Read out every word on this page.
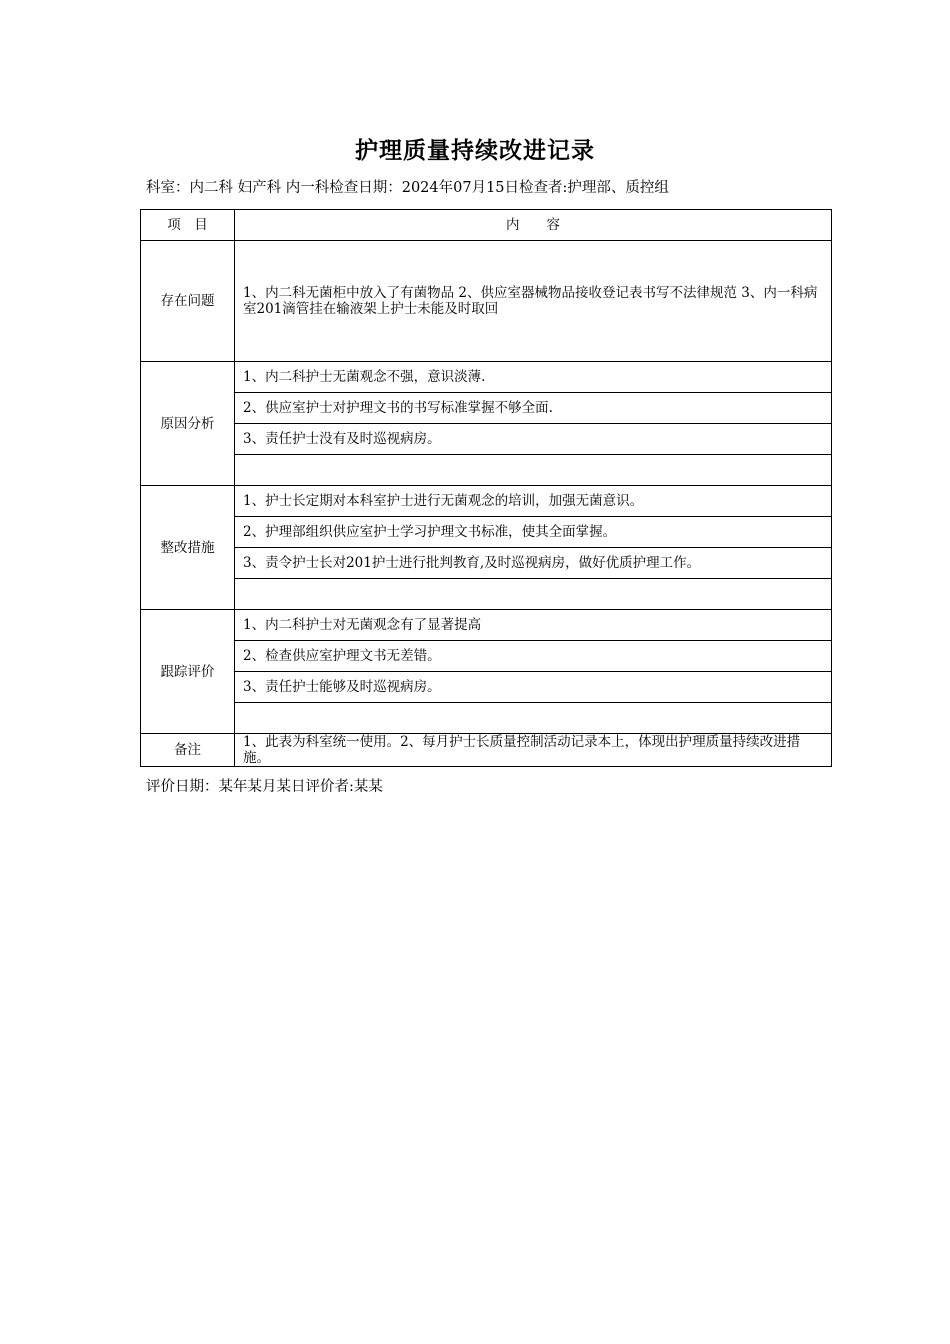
护理质量持续改进记录
科室：内二科 妇产科 内一科检查日期：2024年07月15日检查者:护理部、质控组
项　目	内　　容
存在问题	1、内二科无菌柜中放入了有菌物品 2、供应室器械物品接收登记表书写不法律规范 3、内一科病室201滴管挂在输液架上护士未能及时取回
原因分析	1、内二科护士无菌观念不强，意识淡薄.
	2、供应室护士对护理文书的书写标准掌握不够全面.
	3、责任护士没有及时巡视病房。

整改措施	1、护士长定期对本科室护士进行无菌观念的培训，加强无菌意识。
	2、护理部组织供应室护士学习护理文书标准，使其全面掌握。
	3、责令护士长对201护士进行批判教育,及时巡视病房，做好优质护理工作。

跟踪评价	1、内二科护士对无菌观念有了显著提高
	2、检查供应室护理文书无差错。
	3、责任护士能够及时巡视病房。

备注	1、此表为科室统一使用。2、每月护士长质量控制活动记录本上，体现出护理质量持续改进措施。
评价日期：某年某月某日评价者:某某
